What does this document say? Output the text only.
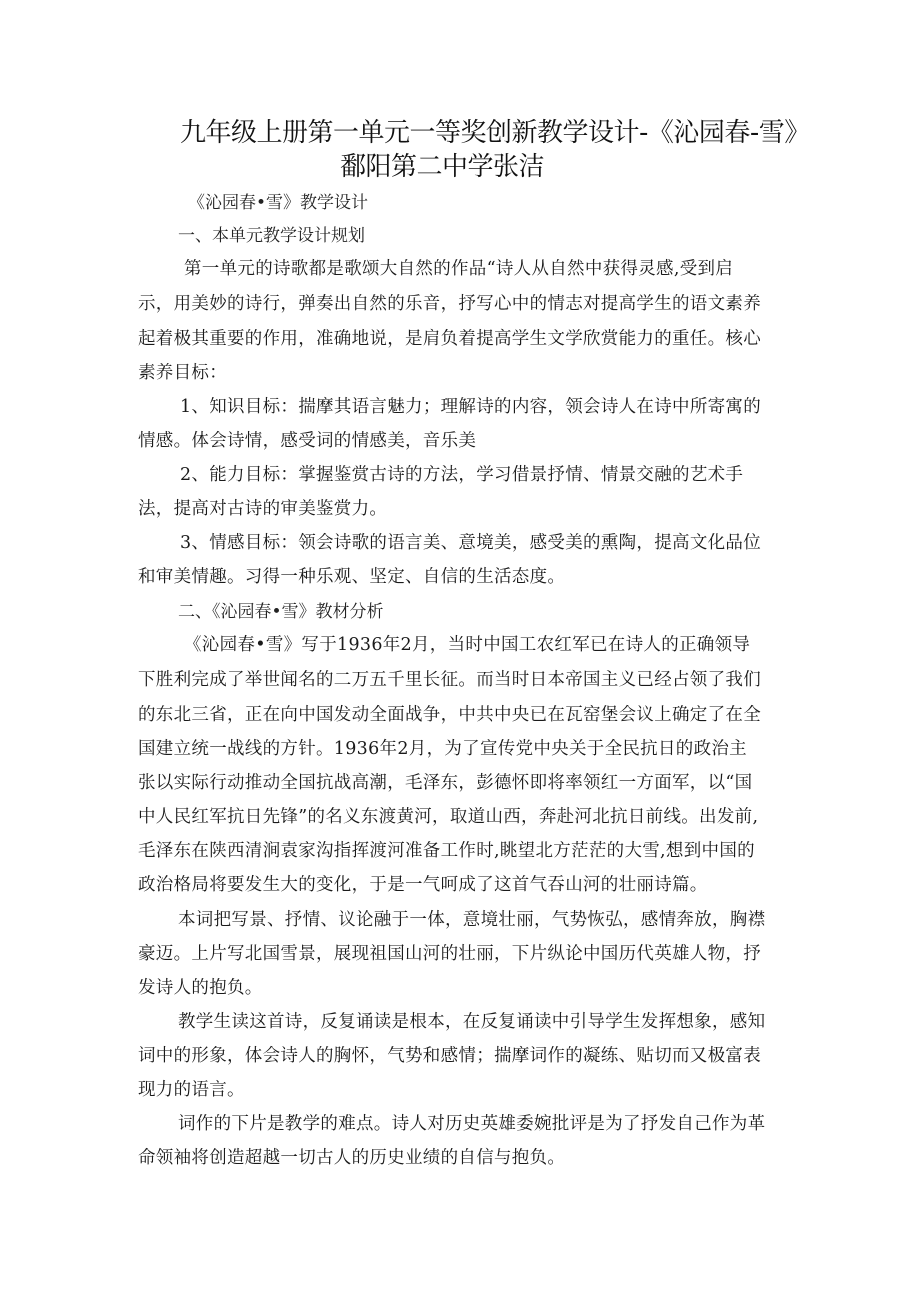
九年级上册第一单元一等奖创新教学设计-《沁园春-雪》
鄱阳第二中学张洁
《沁园春•雪》教学设计
一、本单元教学设计规划
第一单元的诗歌都是歌颂大自然的作品“诗人从自然中获得灵感,受到启
示，用美妙的诗行，弹奏出自然的乐音，抒写心中的情志对提高学生的语文素养
起着极其重要的作用，准确地说，是肩负着提高学生文学欣赏能力的重任。核心
素养目标：
1、知识目标：揣摩其语言魅力；理解诗的内容，领会诗人在诗中所寄寓的
情感。体会诗情，感受词的情感美，音乐美
2、能力目标：掌握鉴赏古诗的方法，学习借景抒情、情景交融的艺术手
法，提高对古诗的审美鉴赏力。
3、情感目标：领会诗歌的语言美、意境美，感受美的熏陶，提高文化品位
和审美情趣。习得一种乐观、坚定、自信的生活态度。
二、《沁园春•雪》教材分析
《沁园春•雪》写于1936年2月，当时中国工农红军已在诗人的正确领导
下胜利完成了举世闻名的二万五千里长征。而当时日本帝国主义已经占领了我们
的东北三省，正在向中国发动全面战争，中共中央已在瓦窑堡会议上确定了在全
国建立统一战线的方针。1936年2月，为了宣传党中央关于全民抗日的政治主
张以实际行动推动全国抗战高潮，毛泽东，彭德怀即将率领红一方面军，以“国
中人民红军抗日先锋”的名义东渡黄河，取道山西，奔赴河北抗日前线。出发前,
毛泽东在陕西清涧袁家沟指挥渡河准备工作时,眺望北方茫茫的大雪,想到中国的
政治格局将要发生大的变化，于是一气呵成了这首气吞山河的壮丽诗篇。
本词把写景、抒情、议论融于一体，意境壮丽，气势恢弘，感情奔放，胸襟
豪迈。上片写北国雪景，展现祖国山河的壮丽，下片纵论中国历代英雄人物，抒
发诗人的抱负。
教学生读这首诗，反复诵读是根本，在反复诵读中引导学生发挥想象，感知
词中的形象，体会诗人的胸怀，气势和感情；揣摩词作的凝练、贴切而又极富表
现力的语言。
词作的下片是教学的难点。诗人对历史英雄委婉批评是为了抒发自己作为革
命领袖将创造超越一切古人的历史业绩的自信与抱负。
